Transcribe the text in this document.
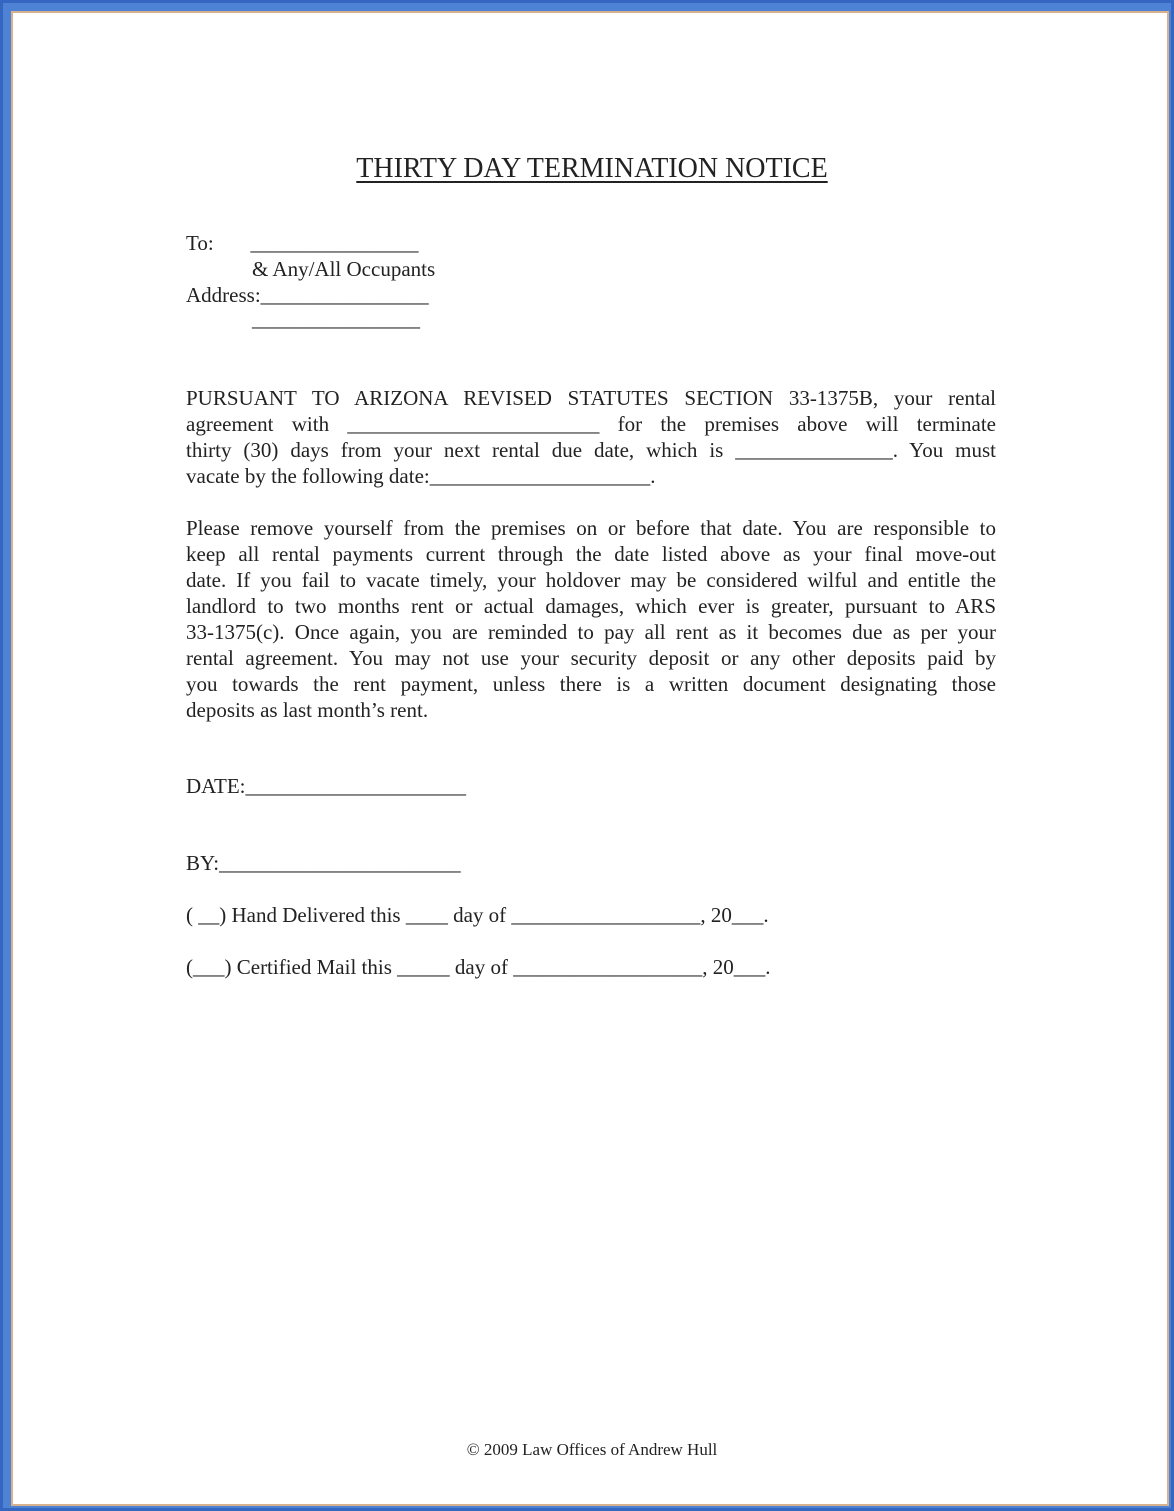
THIRTY DAY TERMINATION NOTICE
To:       ________________
& Any/All Occupants
Address:________________
________________
PURSUANT TO ARIZONA REVISED STATUTES SECTION 33-1375B, your rental
agreement with ________________________ for the premises above will terminate
thirty (30) days from your next rental due date, which is _______________. You must
vacate by the following date:_____________________.
Please remove yourself from the premises on or before that date. You are responsible to
keep all rental payments current through the date listed above as your final move-out
date. If you fail to vacate timely, your holdover may be considered wilful and entitle the
landlord to two months rent or actual damages, which ever is greater, pursuant to ARS
33-1375(c). Once again, you are reminded to pay all rent as it becomes due as per your
rental agreement. You may not use your security deposit or any other deposits paid by
you towards the rent payment, unless there is a written document designating those
deposits as last month’s rent.
DATE:_____________________
BY:_______________________
( __) Hand Delivered this ____ day of __________________, 20___.
(___) Certified Mail this _____ day of __________________, 20___.
© 2009 Law Offices of Andrew Hull
